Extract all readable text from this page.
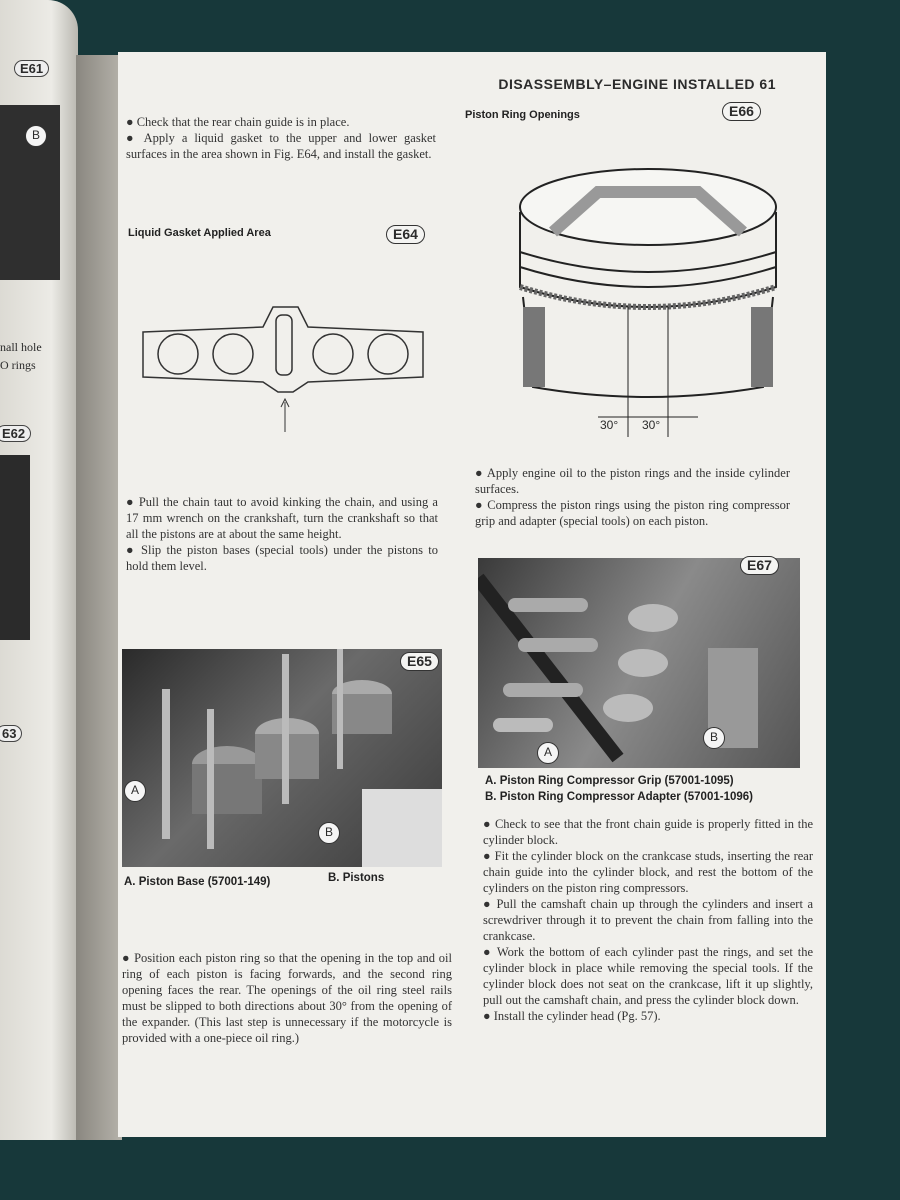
E61
B
nall hole
O rings
E62
63
DISASSEMBLY–ENGINE INSTALLED 61

● Check that the rear chain guide is in place.

● Apply a liquid gasket to the upper and lower gasket surfaces in the area shown in Fig. E64, and install the gasket.

Liquid Gasket Applied Area	E64

● Pull the chain taut to avoid kinking the chain, and using a 17 mm wrench on the crankshaft, turn the crankshaft so that all the pistons are at about the same height.

● Slip the piston bases (special tools) under the pistons to hold them level.

E65
A
B
A. Piston Base (57001-149)	B. Pistons

● Position each piston ring so that the opening in the top and oil ring of each piston is facing forwards, and the second ring opening faces the rear. The openings of the oil ring steel rails must be slipped to both directions about 30° from the opening of the expander. (This last step is unnecessary if the motorcycle is provided with a one-piece oil ring.)

Piston Ring Openings	E66
30° 30°

● Apply engine oil to the piston rings and the inside cylinder surfaces.

● Compress the piston rings using the piston ring compressor grip and adapter (special tools) on each piston.

E67
A
B
A. Piston Ring Compressor Grip (57001-1095)
B. Piston Ring Compressor Adapter (57001-1096)

● Check to see that the front chain guide is properly fitted in the cylinder block.

● Fit the cylinder block on the crankcase studs, inserting the rear chain guide into the cylinder block, and rest the bottom of the cylinders on the piston ring compressors.

● Pull the camshaft chain up through the cylinders and insert a screwdriver through it to prevent the chain from falling into the crankcase.

● Work the bottom of each cylinder past the rings, and set the cylinder block in place while removing the special tools. If the cylinder block does not seat on the crankcase, lift it up slightly, pull out the camshaft chain, and press the cylinder block down.

● Install the cylinder head (Pg. 57).
